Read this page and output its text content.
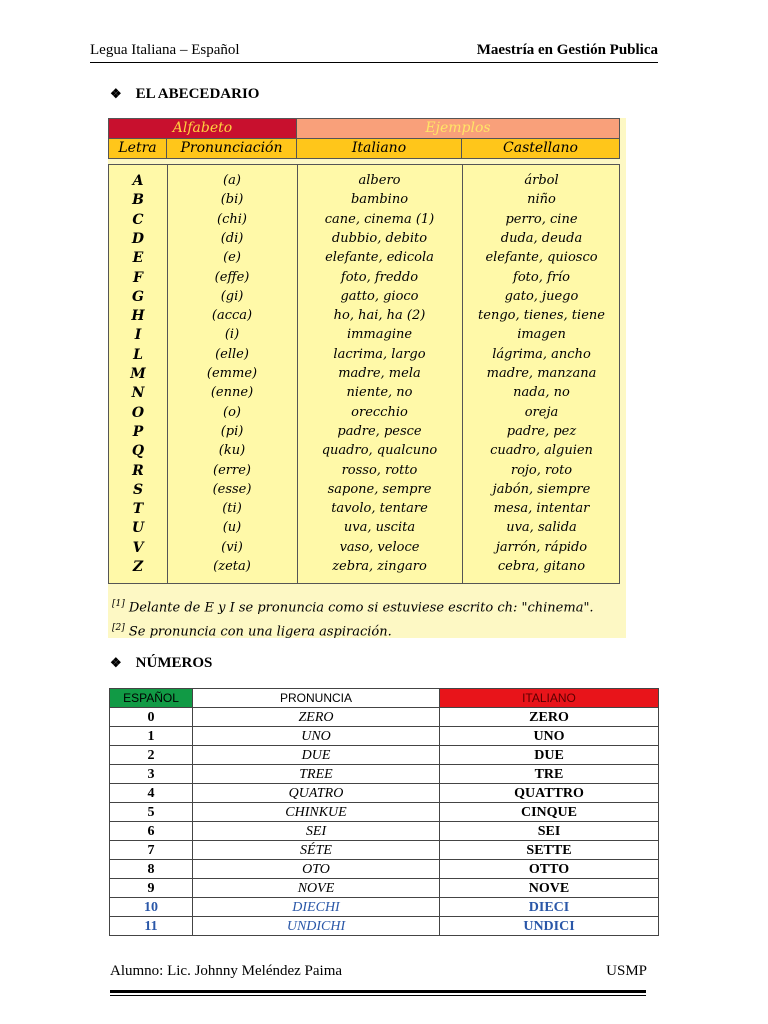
Legua Italiana – Español	Maestría en Gestión Publica
❖ EL ABECEDARIO
Alfabeto	Ejemplos
Letra	Pronunciación	Italiano	Castellano
A	(a)	albero	árbol
B	(bi)	bambino	niño
C	(chi)	cane, cinema (1)	perro, cine
D	(di)	dubbio, debito	duda, deuda
E	(e)	elefante, edicola	elefante, quiosco
F	(effe)	foto, freddo	foto, frío
G	(gi)	gatto, gioco	gato, juego
H	(acca)	ho, hai, ha (2)	tengo, tienes, tiene
I	(i)	immagine	imagen
L	(elle)	lacrima, largo	lágrima, ancho
M	(emme)	madre, mela	madre, manzana
N	(enne)	niente, no	nada, no
O	(o)	orecchio	oreja
P	(pi)	padre, pesce	padre, pez
Q	(ku)	quadro, qualcuno	cuadro, alguien
R	(erre)	rosso, rotto	rojo, roto
S	(esse)	sapone, sempre	jabón, siempre
T	(ti)	tavolo, tentare	mesa, intentar
U	(u)	uva, uscita	uva, salida
V	(vi)	vaso, veloce	jarrón, rápido
Z	(zeta)	zebra, zingaro	cebra, gitano
[1] Delante de E y I se pronuncia como si estuviese escrito ch: "chinema".
[2] Se pronuncia con una ligera aspiración.
❖ NÚMEROS
ESPAÑOL	PRONUNCIA	ITALIANO
0	ZERO	ZERO
1	UNO	UNO
2	DUE	DUE
3	TREE	TRE
4	QUATRO	QUATTRO
5	CHINKUE	CINQUE
6	SEI	SEI
7	SÉTE	SETTE
8	OTO	OTTO
9	NOVE	NOVE
10	DIECHI	DIECI
11	UNDICHI	UNDICI
Alumno: Lic. Johnny Meléndez Paima	USMP
